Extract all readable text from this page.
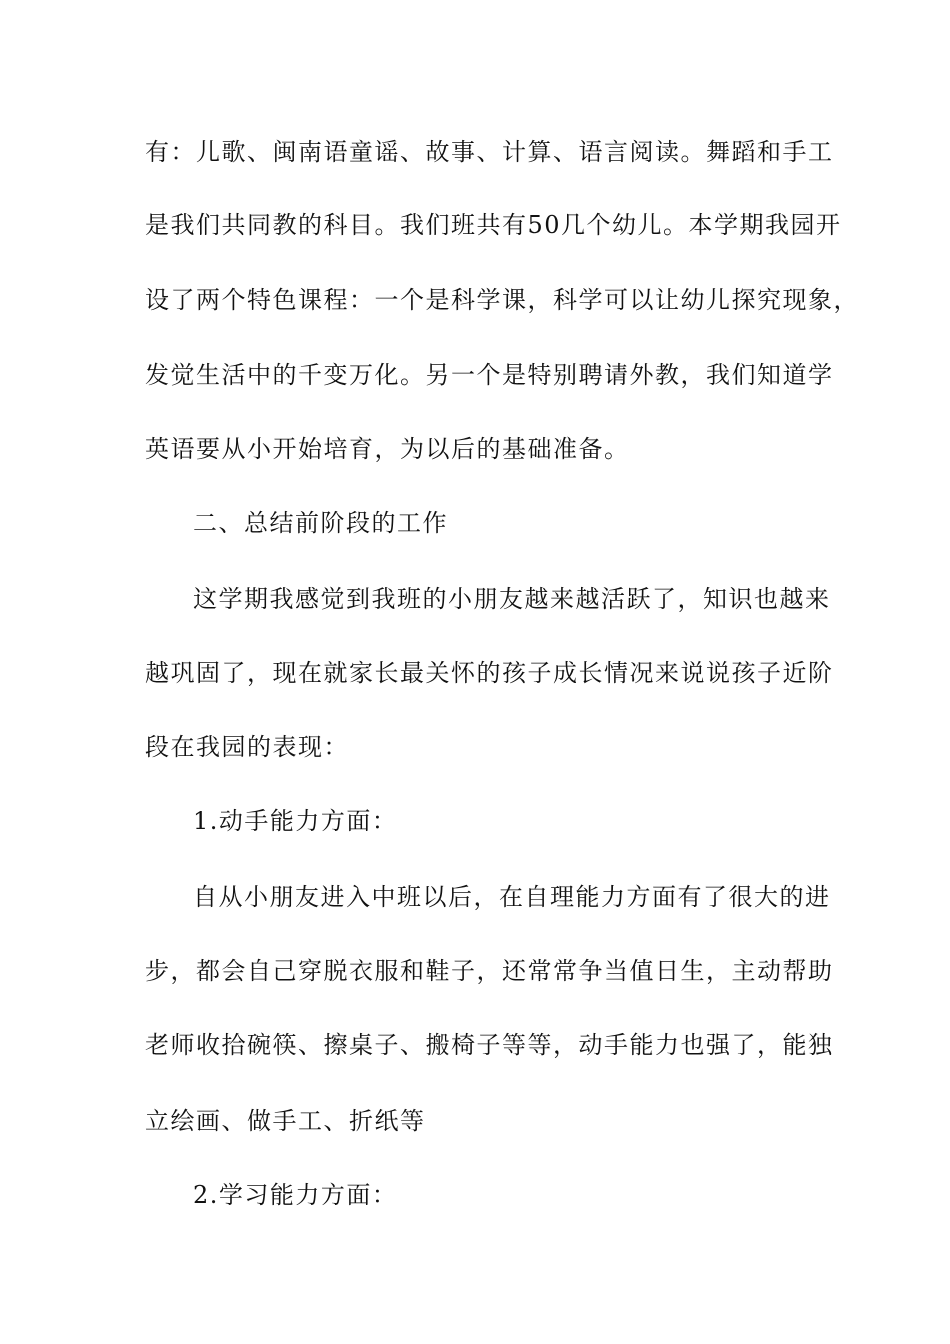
有：儿歌、闽南语童谣、故事、计算、语言阅读。舞蹈和手工
是我们共同教的科目。我们班共有50几个幼儿。本学期我园开
设了两个特色课程：一个是科学课，科学可以让幼儿探究现象，
发觉生活中的千变万化。另一个是特别聘请外教，我们知道学
英语要从小开始培育，为以后的基础准备。
二、总结前阶段的工作
这学期我感觉到我班的小朋友越来越活跃了，知识也越来
越巩固了，现在就家长最关怀的孩子成长情况来说说孩子近阶
段在我园的表现：
1.动手能力方面：
自从小朋友进入中班以后，在自理能力方面有了很大的进
步，都会自己穿脱衣服和鞋子，还常常争当值日生，主动帮助
老师收拾碗筷、擦桌子、搬椅子等等，动手能力也强了，能独
立绘画、做手工、折纸等
2.学习能力方面：
